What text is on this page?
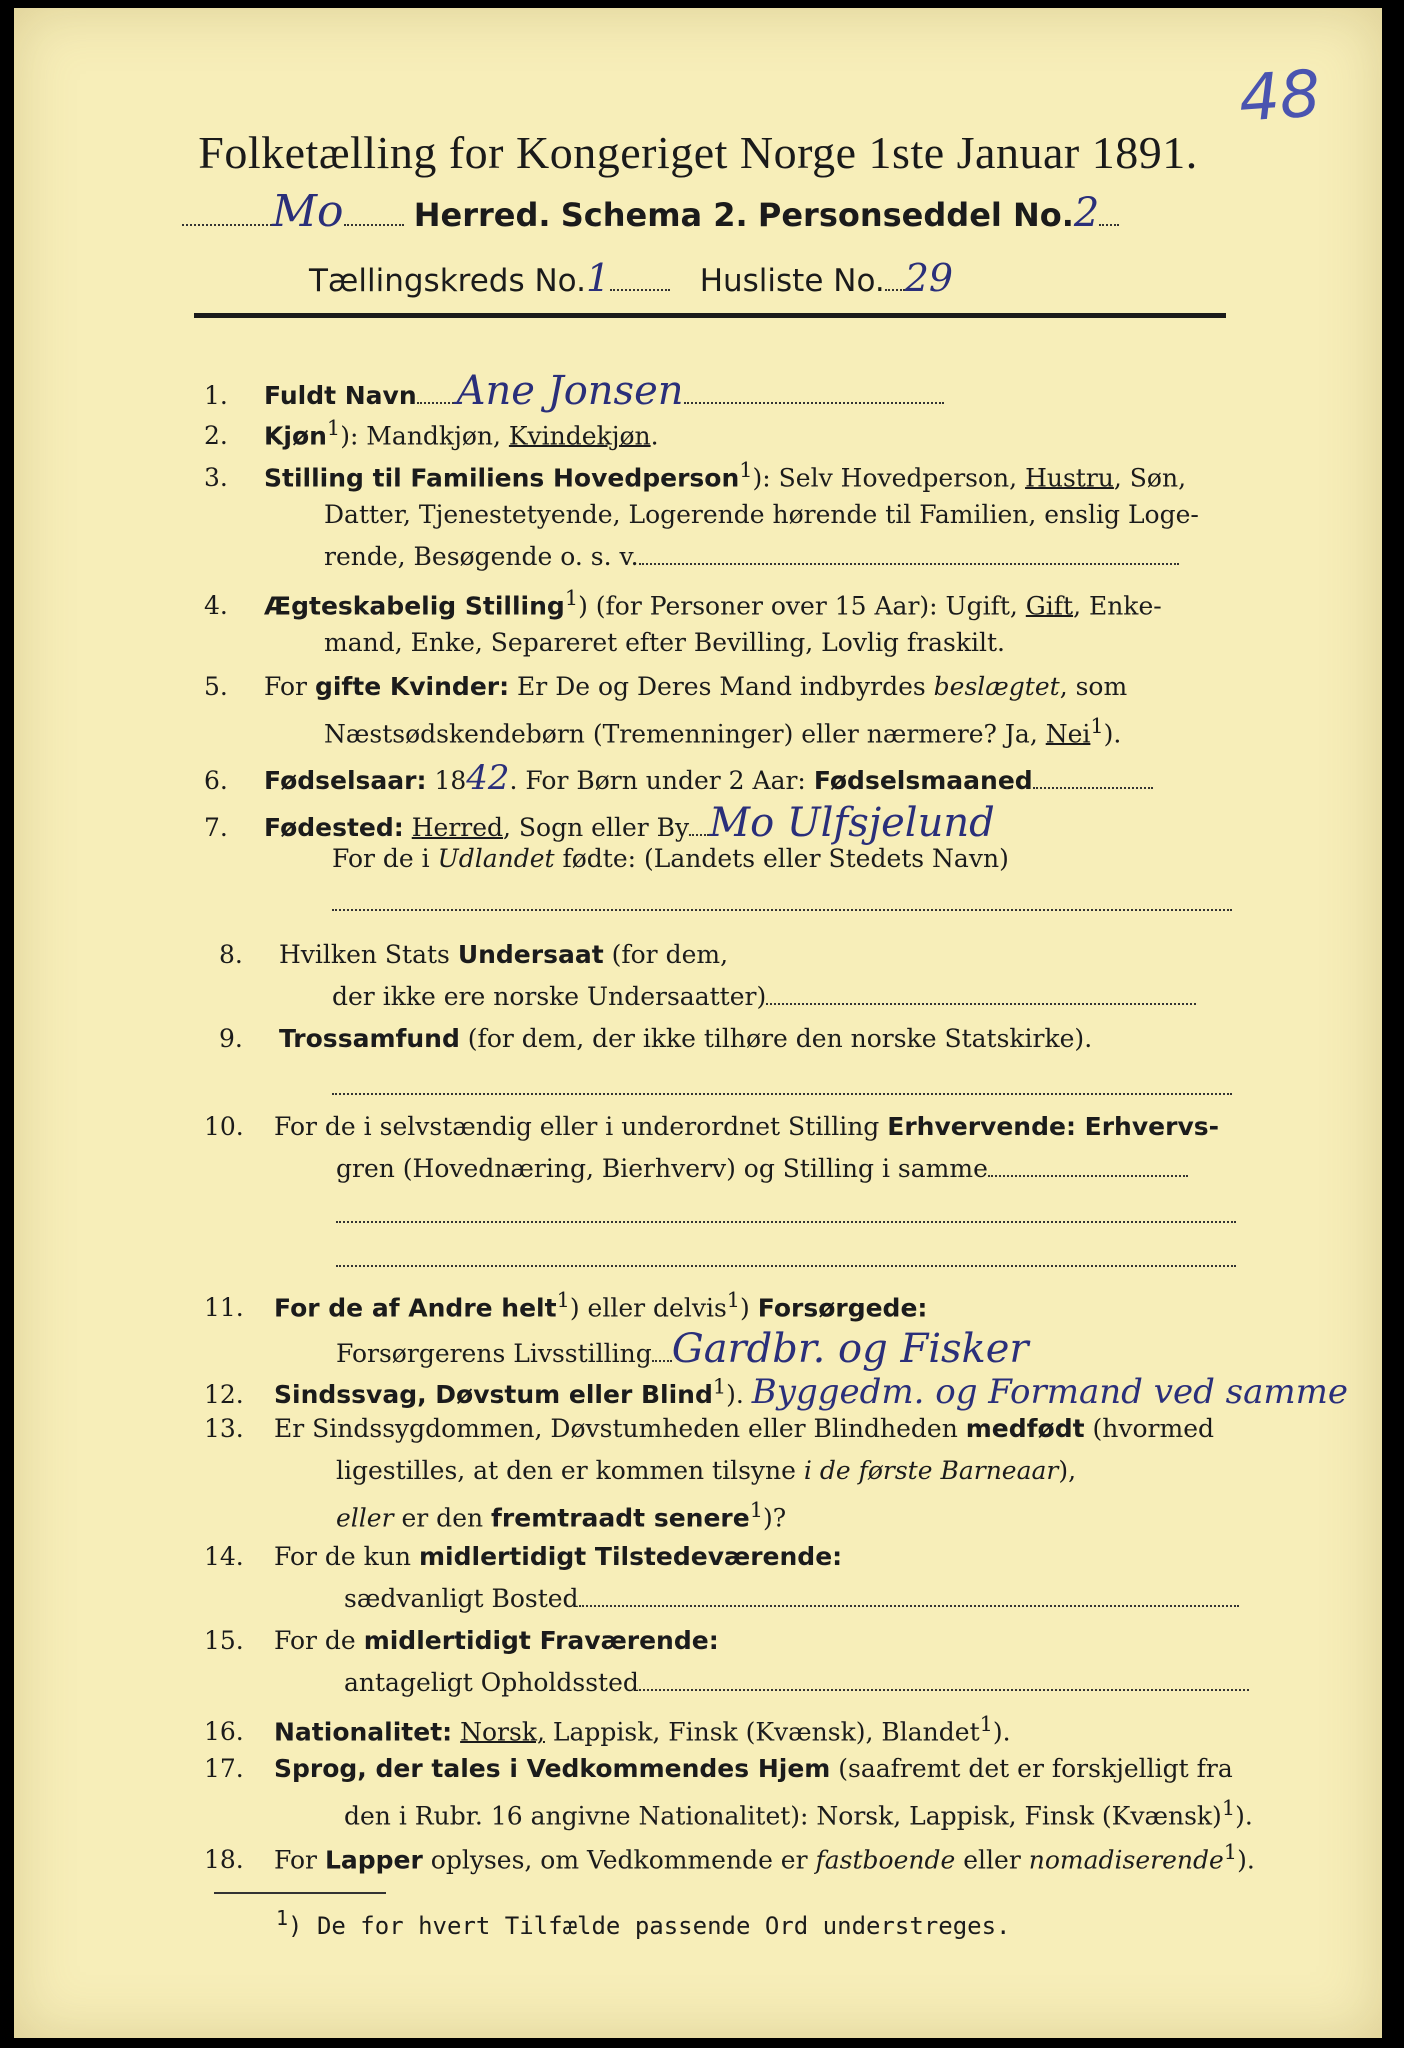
48
Folketælling for Kongeriget Norge 1ste Januar 1891.
Mo Herred. Schema 2. Personseddel No.2
Tællingskreds No.1	Husliste No. 29
1. Fuldt Navn Ane Jonsen
2. Kjøn$^1$): Mandkjøn, Kvindekjøn.
3. Stilling til Familiens Hovedperson$^1$): Selv Hovedperson, Hustru, Søn,
Datter, Tjenestetyende, Logerende hørende til Familien, enslig Loge-
rende, Besøgende o. s. v.
4. Ægteskabelig Stilling$^1$) (for Personer over 15 Aar): Ugift, Gift, Enke-
mand, Enke, Separeret efter Bevilling, Lovlig fraskilt.
5. For gifte Kvinder: Er De og Deres Mand indbyrdes beslægtet, som
Næstsødskendebørn (Tremenninger) eller nærmere? Ja, Nei$^1$).
6. Fødselsaar: 1842. For Børn under 2 Aar: Fødselsmaaned
7. Fødested: Herred, Sogn eller By Mo Ulfsjelund
For de i Udlandet fødte: (Landets eller Stedets Navn)
8. Hvilken Stats Undersaat (for dem,
der ikke ere norske Undersaatter)
9. Trossamfund (for dem, der ikke tilhøre den norske Statskirke).
10. For de i selvstændig eller i underordnet Stilling Erhvervende: Erhvervs-
gren (Hovednæring, Bierhverv) og Stilling i samme
11. For de af Andre helt$^1$) eller delvis$^1$) Forsørgede:
Forsørgerens Livsstilling Gardbr. og Fisker
12. Sindssvag, Døvstum eller Blind$^1$). Byggedm. og Formand ved samme
13. Er Sindssygdommen, Døvstumheden eller Blindheden medfødt (hvormed
ligestilles, at den er kommen tilsyne i de første Barneaar),
eller er den fremtraadt senere$^1$)?
14. For de kun midlertidigt Tilstedeværende:
sædvanligt Bosted
15. For de midlertidigt Fraværende:
antageligt Opholdssted
16. Nationalitet: Norsk, Lappisk, Finsk (Kvænsk), Blandet$^1$).
17. Sprog, der tales i Vedkommendes Hjem (saafremt det er forskjelligt fra
den i Rubr. 16 angivne Nationalitet): Norsk, Lappisk, Finsk (Kvænsk)$^1$).
18. For Lapper oplyses, om Vedkommende er fastboende eller nomadiserende$^1$).
$^1$) De for hvert Tilfælde passende Ord understreges.
